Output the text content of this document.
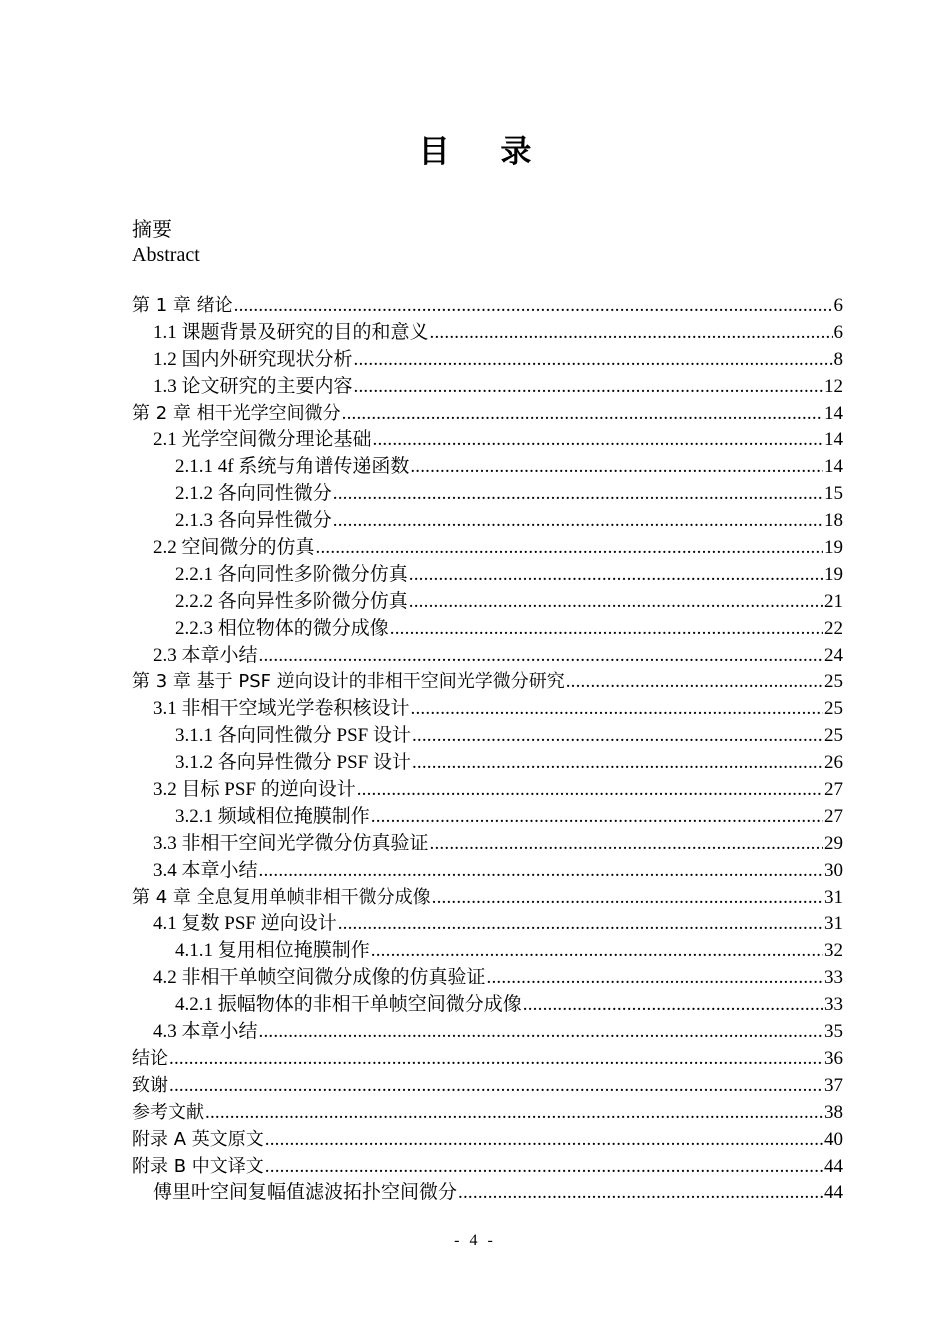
目 录
摘要
Abstract
第 1 章 绪论 .....	6
1.1 课题背景及研究的目的和意义 .....	6
1.2 国内外研究现状分析 .....	8
1.3 论文研究的主要内容 .....	12
第 2 章 相干光学空间微分 .....	14
2.1 光学空间微分理论基础 .....	14
2.1.1 4f 系统与角谱传递函数 .....	14
2.1.2 各向同性微分 .....	15
2.1.3 各向异性微分 .....	18
2.2 空间微分的仿真 .....	19
2.2.1 各向同性多阶微分仿真 .....	19
2.2.2 各向异性多阶微分仿真 .....	21
2.2.3 相位物体的微分成像 .....	22
2.3 本章小结 .....	24
第 3 章 基于 PSF 逆向设计的非相干空间光学微分研究 .....	25
3.1 非相干空域光学卷积核设计 .....	25
3.1.1 各向同性微分 PSF 设计 .....	25
3.1.2 各向异性微分 PSF 设计 .....	26
3.2 目标 PSF 的逆向设计 .....	27
3.2.1 频域相位掩膜制作 .....	27
3.3 非相干空间光学微分仿真验证 .....	29
3.4 本章小结 .....	30
第 4 章 全息复用单帧非相干微分成像 .....	31
4.1 复数 PSF 逆向设计 .....	31
4.1.1 复用相位掩膜制作 .....	32
4.2 非相干单帧空间微分成像的仿真验证 .....	33
4.2.1 振幅物体的非相干单帧空间微分成像 .....	33
4.3 本章小结 .....	35
结论 .....	36
致谢 .....	37
参考文献 .....	38
附录 A 英文原文 .....	40
附录 B 中文译文 .....	44
傅里叶空间复幅值滤波拓扑空间微分 .....	44
- 4 -
